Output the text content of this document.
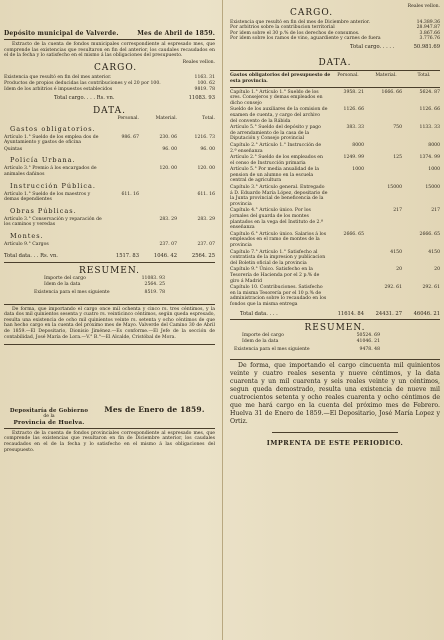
Depósito municipal de Valverde.	Mes de Abril de 1859.
Extracto de la cuenta de fondos municipales correspondiente al espresado mes, que comprende las existencias que resultaron en fin del anterior, los caudales recaudados en el de la fecha y lo satisfecho en el mismo á las obligaciones del presupuesto.
Reales vellon.
CARGO.
Existencia que resultó en fin del mes anterior.	1163. 31
Productos de propios deducidas las contribuciones y el 20 por 100.	100. 62
Idem de los arbitrios é impuestos establecidos	9819. 78
Total cargo. . . . Rs. vn.	11083. 93
DATA.
Personal.	Material.	Total.
Gastos obligatorios.
Artículo 1.° Sueldo de los emplea dos de Ayuntamiento y gastos de oficina
986. 67	230. 06	1216. 73
Quintas	96. 00	96. 00
Policía Urbana.
Artículo 3.° Premio á los encargados de animales dañinos
120. 00	120. 00
Instrucción Pública.
Artículo 1.° Sueldo de los maestros y demas dependientes
611. 16	611. 16
Obras Públicas.
Artículo 3.° Conservación y reparación de los caminos y veredas
283. 29	283. 29
Montes.
Artículo 9.° Cargos	237. 07	237. 07
Total data. . . Rs. vn.	1517. 83	1046. 42	2564. 25
RESUMEN.
Importe del cargo	11083. 93
Idem de la data	2564. 25
Existencia para el mes siguiente	8519. 78
De forma, que importando el cargo once mil ochenta y cinco rs. tres céntimos, y la data dos mil quinientos sesenta y cuatro rs. veinticinco céntimos, según queda espresado, resulta una existencia de ocho mil quinientos veinte rs. setenta y ocho céntimos de que han hecho cargo en la cuenta del próximo mes de Mayo. Valverde del Camino 30 de Abril de 1859.—El Depositario, Dionisio Jiménez.—Es conforme.—El Jefe de la sección de contabilidad, José María de Lora.—V.° B.°—El Alcalde, Cristóbal de Mora.
Depositaría de Gobierno
de la
Provincia de Huelva.
Mes de Enero de 1859.
Extracto de la cuenta de fondos provinciales correspondiente al espresado mes, que comprende las existencias que resultaron en fin de Diciembre anterior, los caudales recaudados en el de la fecha y lo satisfecho en el mismo á las obligaciones del presupuesto.
Reales vellon.
CARGO.
Existencia que resultó en fin del mes de Diciembre anterior.	14.389.36
Por arbitrios sobre la contribucion territorial	28.947.87
Por idem sobre el 30 p.% de los derechos de consumos.	3.867.66
Por idem sobre los ramos de vino, aguardiente y carnes de fuera	3.776.76
Total cargo. . . . .	50.981.69
DATA.
Gastos obligatorios del presupuesto de esta provincia.
Personal.	Material.	Total.
Capítulo 1.° Artículo 1.° Sueldo de los sres. Consejeros y demas empleados en dicho consejo
3958. 21	1666. 66	5624. 87
Sueldo de los auxiliares de la comision de examen de cuenta, y cargo del archivo del convento de la Rábida
1126. 66	1126. 66
Artículo 5.° Sueldo del depósito y pago de arrendamiento de la casa de la Diputación y Consejo provincial
383. 33	750	1133. 33
Capítulo 2.° Artículo 1.° Instrucción de 2.ª enseñanza
8000	8000
Artículo 2.° Sueldo de los empleados en el censo de Instrucción primaria
1249. 99	125	1374. 99
Artículo 5.° Por media anualidad de la pension de un alumno en la escuela central de agricultura
1000	1000
Capítulo 3.° Artículo general. Entregado á D. Eduardo María López, depositario de la Junta provincial de beneficencia de la provincia
15000	15000
Capítulo 4.° Artículo único. Por los jornales del guarda de los montes plantados en la vega del Instituto de 2.ª enseñanza
217	217
Capítulo 6.° Artículo único. Salarios á los empleados en el ramo de montes de la provincia
2666. 65	2666. 65
Capítulo 7.° Artículo 1.° Satisfecho al contratista de la impresion y publicacion del Boletin oficial de la provincia
4150	4150
Capítulo 9.° Único. Satisfecho en la Tesorería de Hacienda por el 2 p.% de giro á Madrid
20	20
Capítulo 10. Contribuciones. Satisfecho en la misma Tesorería por el 10 p.% de administracion sobre lo recaudado en los fondos que la misma entrega
292. 61	292. 61
Total data. . . .	11614. 84	24431. 27	46046. 21
RESUMEN.
Importe del cargo	50524. 69
Idem de la data	41046. 21
Existencia para el mes siguiente	9478. 48
De forma, que importando el cargo cincuenta mil quinientos veinte y cuatro reales sesenta y nueve céntimos, y la data cuarenta y un mil cuarenta y seis reales veinte y un céntimos, segun queda demostrado, resulta una existencia de nueve mil cuatrocientos setenta y ocho reales cuarenta y ocho céntimos de que me hará cargo en la cuenta del próximo mes de Febrero. Huelva 31 de Enero de 1859.—El Depositario, José María Lopez y Ortiz.
IMPRENTA DE ESTE PERIODICO.
